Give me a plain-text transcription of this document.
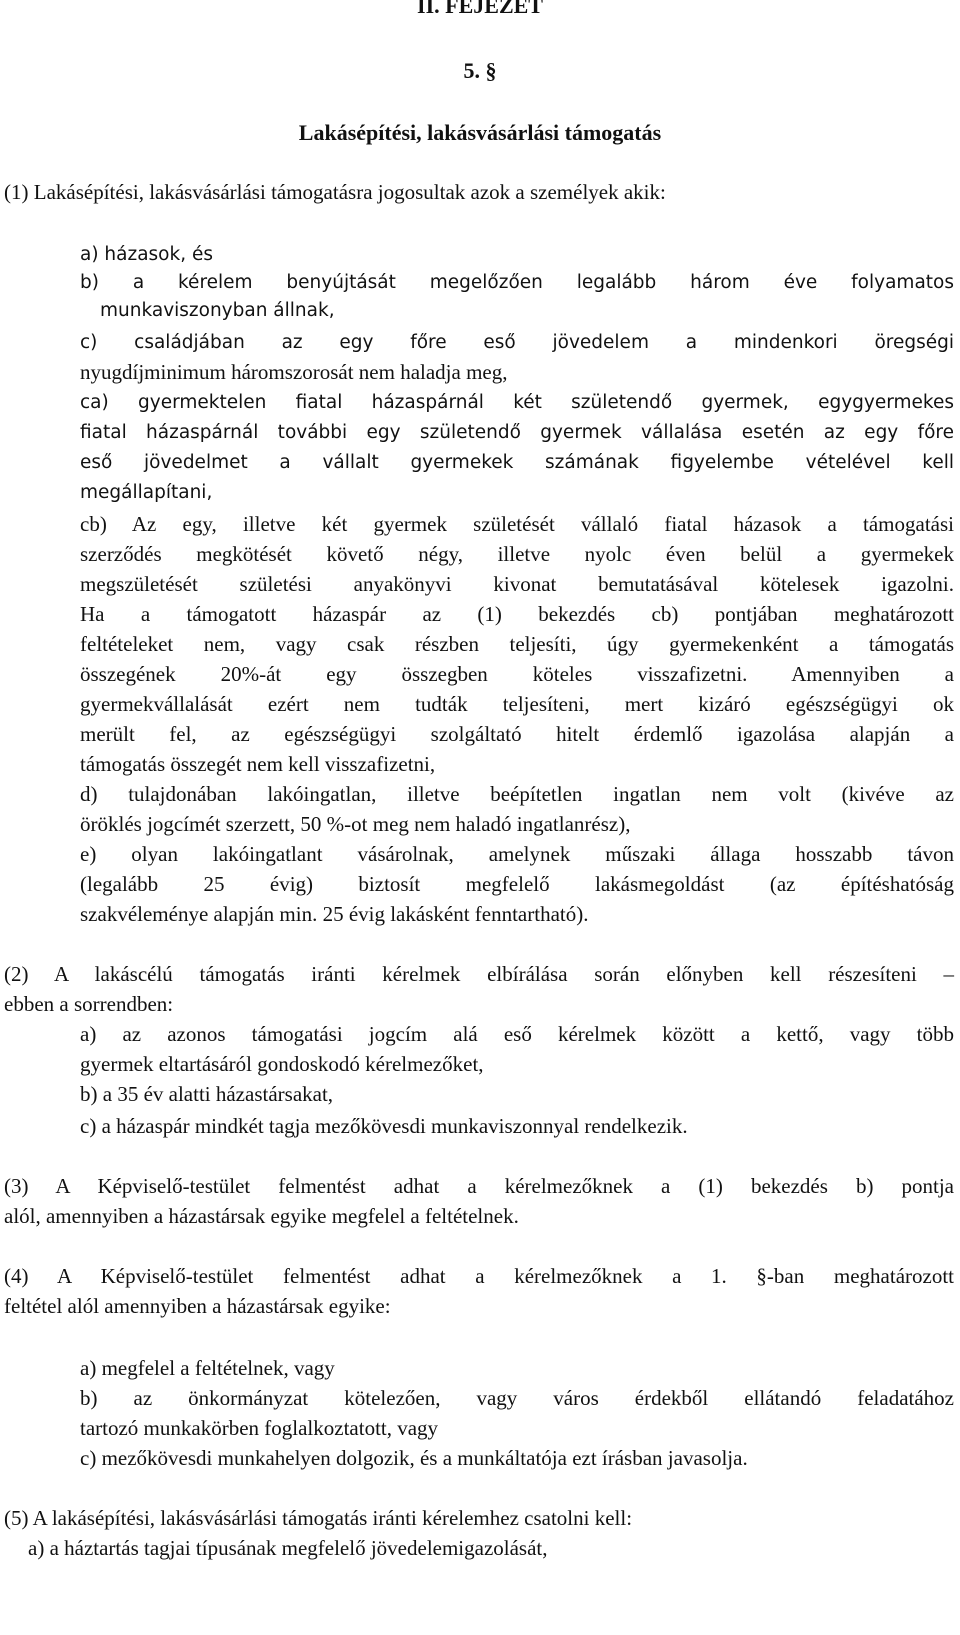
II. FEJEZET
5. §
Lakásépítési, lakásvásárlási támogatás
(1) Lakásépítési, lakásvásárlási támogatásra jogosultak azok a személyek akik:
a) házasok, és
b) a kérelem benyújtását megelőzően legalább három éve folyamatos
munkaviszonyban állnak,
c) családjában az egy főre eső jövedelem a mindenkori öregségi
nyugdíjminimum háromszorosát nem haladja meg,
ca) gyermektelen fiatal házaspárnál két születendő gyermek, egygyermekes
fiatal házaspárnál további egy születendő gyermek vállalása esetén az egy főre
eső jövedelmet a vállalt gyermekek számának figyelembe vételével kell
megállapítani,
cb) Az egy, illetve két gyermek születését vállaló fiatal házasok a támogatási
szerződés megkötését követő négy, illetve nyolc éven belül a gyermekek
megszületését születési anyakönyvi kivonat bemutatásával kötelesek igazolni.
Ha a támogatott házaspár az (1) bekezdés cb) pontjában meghatározott
feltételeket nem, vagy csak részben teljesíti, úgy gyermekenként a támogatás
összegének 20%-át egy összegben köteles visszafizetni. Amennyiben a
gyermekvállalását ezért nem tudták teljesíteni, mert kizáró egészségügyi ok
merült fel, az egészségügyi szolgáltató hitelt érdemlő igazolása alapján a
támogatás összegét nem kell visszafizetni,
d) tulajdonában lakóingatlan, illetve beépítetlen ingatlan nem volt (kivéve az
öröklés jogcímét szerzett, 50 %-ot meg nem haladó ingatlanrész),
e) olyan lakóingatlant vásárolnak, amelynek műszaki állaga hosszabb távon
(legalább 25 évig) biztosít megfelelő lakásmegoldást (az építéshatóság
szakvéleménye alapján min. 25 évig lakásként fenntartható).
(2) A lakáscélú támogatás iránti kérelmek elbírálása során előnyben kell részesíteni –
ebben a sorrendben:
a) az azonos támogatási jogcím alá eső kérelmek között a kettő, vagy több
gyermek eltartásáról gondoskodó kérelmezőket,
b) a 35 év alatti házastársakat,
c) a házaspár mindkét tagja mezőkövesdi munkaviszonnyal rendelkezik.
(3) A Képviselő-testület felmentést adhat a kérelmezőknek a (1) bekezdés b) pontja
alól, amennyiben a házastársak egyike megfelel a feltételnek.
(4) A Képviselő-testület felmentést adhat a kérelmezőknek a 1. §-ban meghatározott
feltétel alól amennyiben a házastársak egyike:
a) megfelel a feltételnek, vagy
b) az önkormányzat kötelezően, vagy város érdekből ellátandó feladatához
tartozó munkakörben foglalkoztatott, vagy
c) mezőkövesdi munkahelyen dolgozik, és a munkáltatója ezt írásban javasolja.
(5) A lakásépítési, lakásvásárlási támogatás iránti kérelemhez csatolni kell:
a) a háztartás tagjai típusának megfelelő jövedelemigazolását,
